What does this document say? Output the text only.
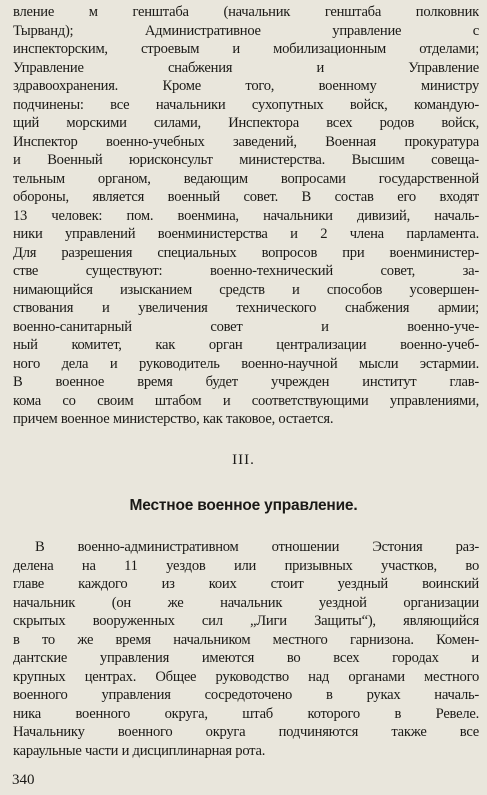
вление м генштаба (начальник генштаба полковник
Тырванд); Административное управление с
инспекторским, строевым и мобилизационным отделами;
Управление снабжения и Управление
здравоохранения. Кроме того, военному министру
подчинены: все начальники сухопутных войск, командую-
щий морскими силами, Инспектора всех родов войск,
Инспектор военно-учебных заведений, Военная прокуратура
и Военный юрисконсульт министерства. Высшим совеща-
тельным органом, ведающим вопросами государственной
обороны, является военный совет. В состав его входят
13 человек: пом. военмина, начальники дивизий, началь-
ники управлений военминистерства и 2 члена парламента.
Для разрешения специальных вопросов при военминистер-
стве существуют: военно-технический совет, за-
нимающийся изысканием средств и способов усовершен-
ствования и увеличения технического снабжения армии;
военно-санитарный совет и военно-уче-
ный комитет, как орган централизации военно-учеб-
ного дела и руководитель военно-научной мысли эстармии.
В военное время будет учрежден институт глав-
кома со своим штабом и соответствующими управлениями,
причем военное министерство, как таковое, остается.
III.
Местное военное управление.
В военно-административном отношении Эстония раз-
делена на 11 уездов или призывных участков, во
главе каждого из коих стоит уездный воинский
начальник (он же начальник уездной организации
скрытых вооруженных сил „Лиги Защиты“), являющийся
в то же время начальником местного гарнизона. Комен-
дантские управления имеются во всех городах и
крупных центрах. Общее руководство над органами местного
военного управления сосредоточено в руках началь-
ника военного округа, штаб которого в Ревеле.
Начальнику военного округа подчиняются также все
караульные части и дисциплинарная рота.
340
